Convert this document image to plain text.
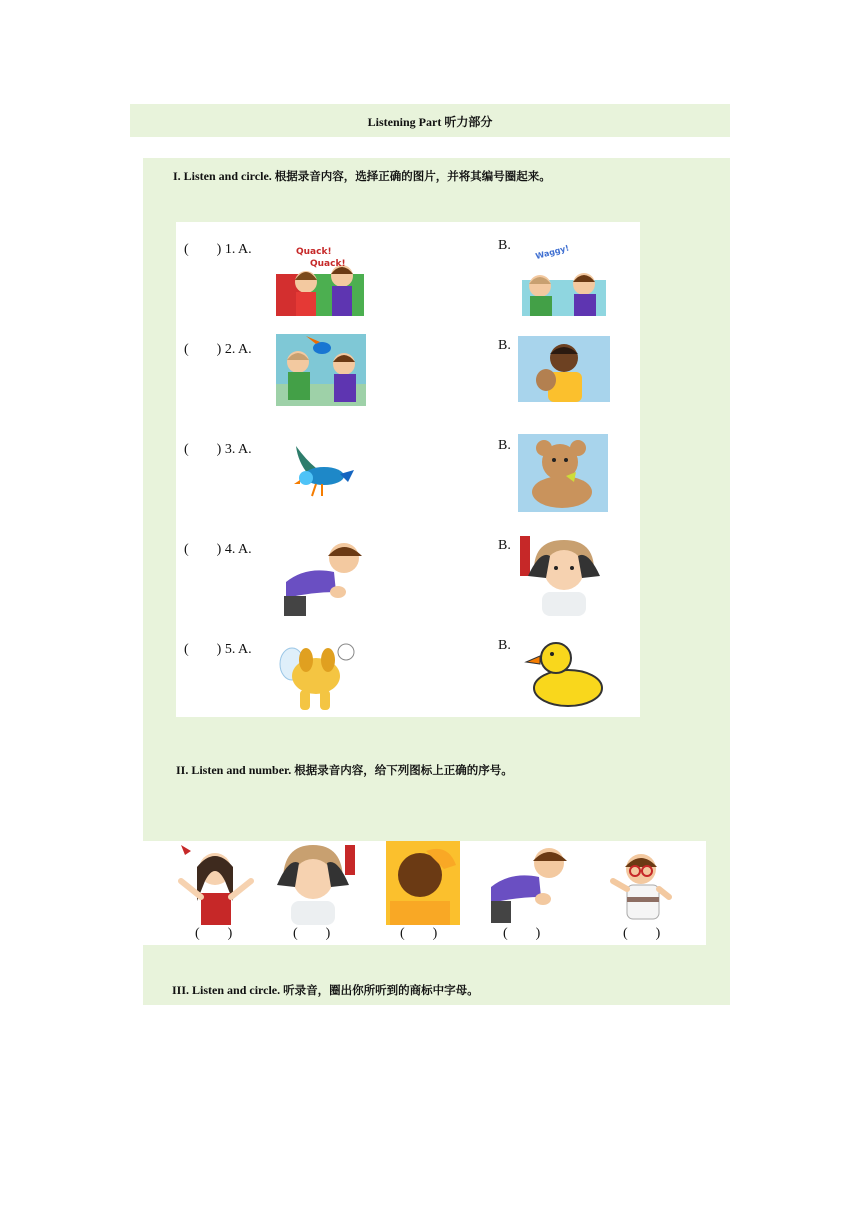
Listening Part 听力部分
I. Listen and circle. 根据录音内容，选择正确的图片，并将其编号圈起来。
(　　) 1. A.	Quack!
Quack!
B.	Waggy!
(　　) 2. A.	B.
(　　) 3. A.	B.
(　　) 4. A.	B.
(　　) 5. A.	B.
II. Listen and number. 根据录音内容，给下列图标上正确的序号。
(　　)	(　　)	(　　)	(　　)	(　　)
III. Listen and circle. 听录音，圈出你所听到的商标中字母。
